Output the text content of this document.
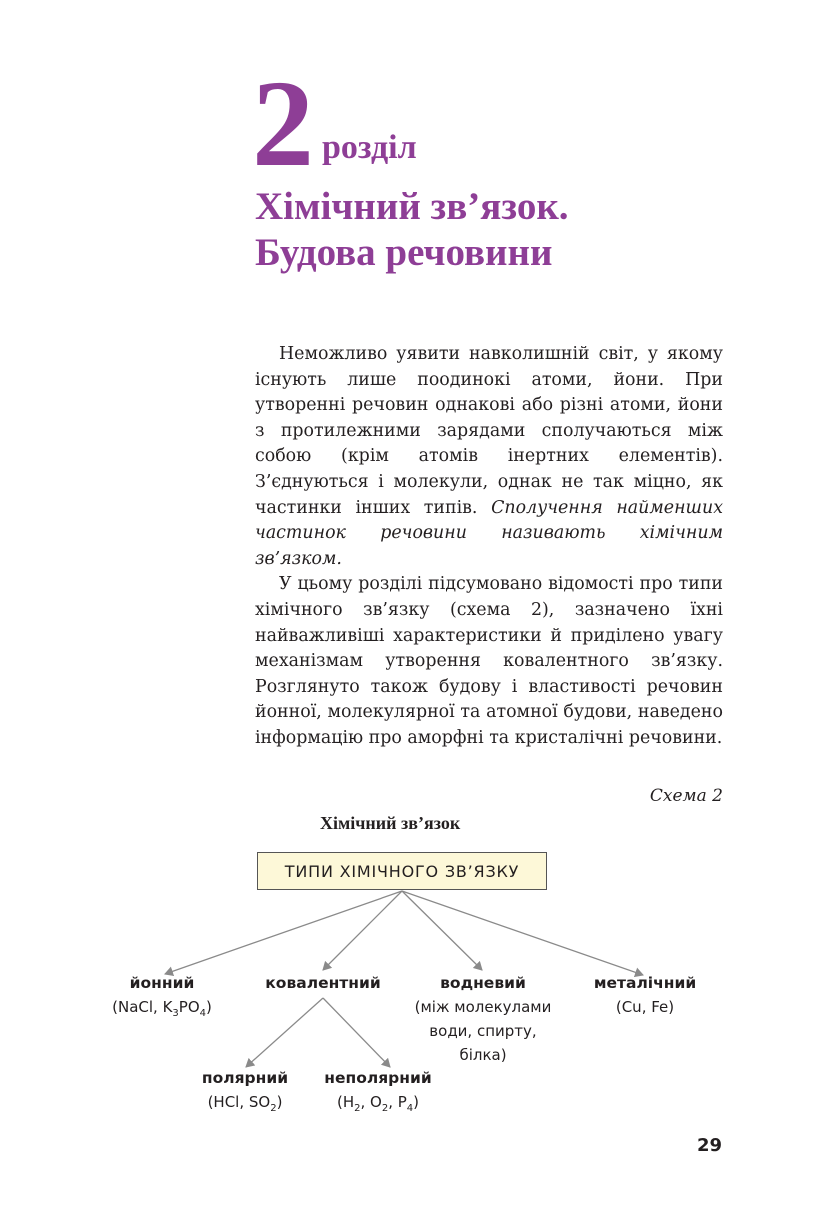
2 розділ
Хімічний зв’язок.
Будова речовини

Неможливо уявити навколишній світ, у якому існують лише поодинокі атоми, йони. При утворенні речовин однакові або різні атоми, йони з протилежними зарядами сполучаються між собою (крім атомів інертних елементів). З’єднуються і молекули, однак не так міцно, як частинки інших типів. Сполучення найменших частинок речовини називають хімічним зв’язком.

У цьому розділі підсумовано відомості про типи хімічного зв’язку (схема 2), зазначено їхні найважливіші характеристики й приділено увагу механізмам утворення ковалентного зв’язку. Розглянуто також будову і властивості речовин йонної, молекулярної та атомної будови, наведено інформацію про аморфні та кристалічні речовини.

Схема 2
Хімічний зв’язок
ТИПИ ХІМІЧНОГО ЗВ’ЯЗКУ
йонний
(NaCl, $K_3PO_4$)
ковалентний	водневий
(між молекулами
води, спирту,
білка)
металічний
(Cu, Fe)
полярний
(HCl, $SO_2$)
неполярний
($H_2$, $O_2$, $P_4$)
29
